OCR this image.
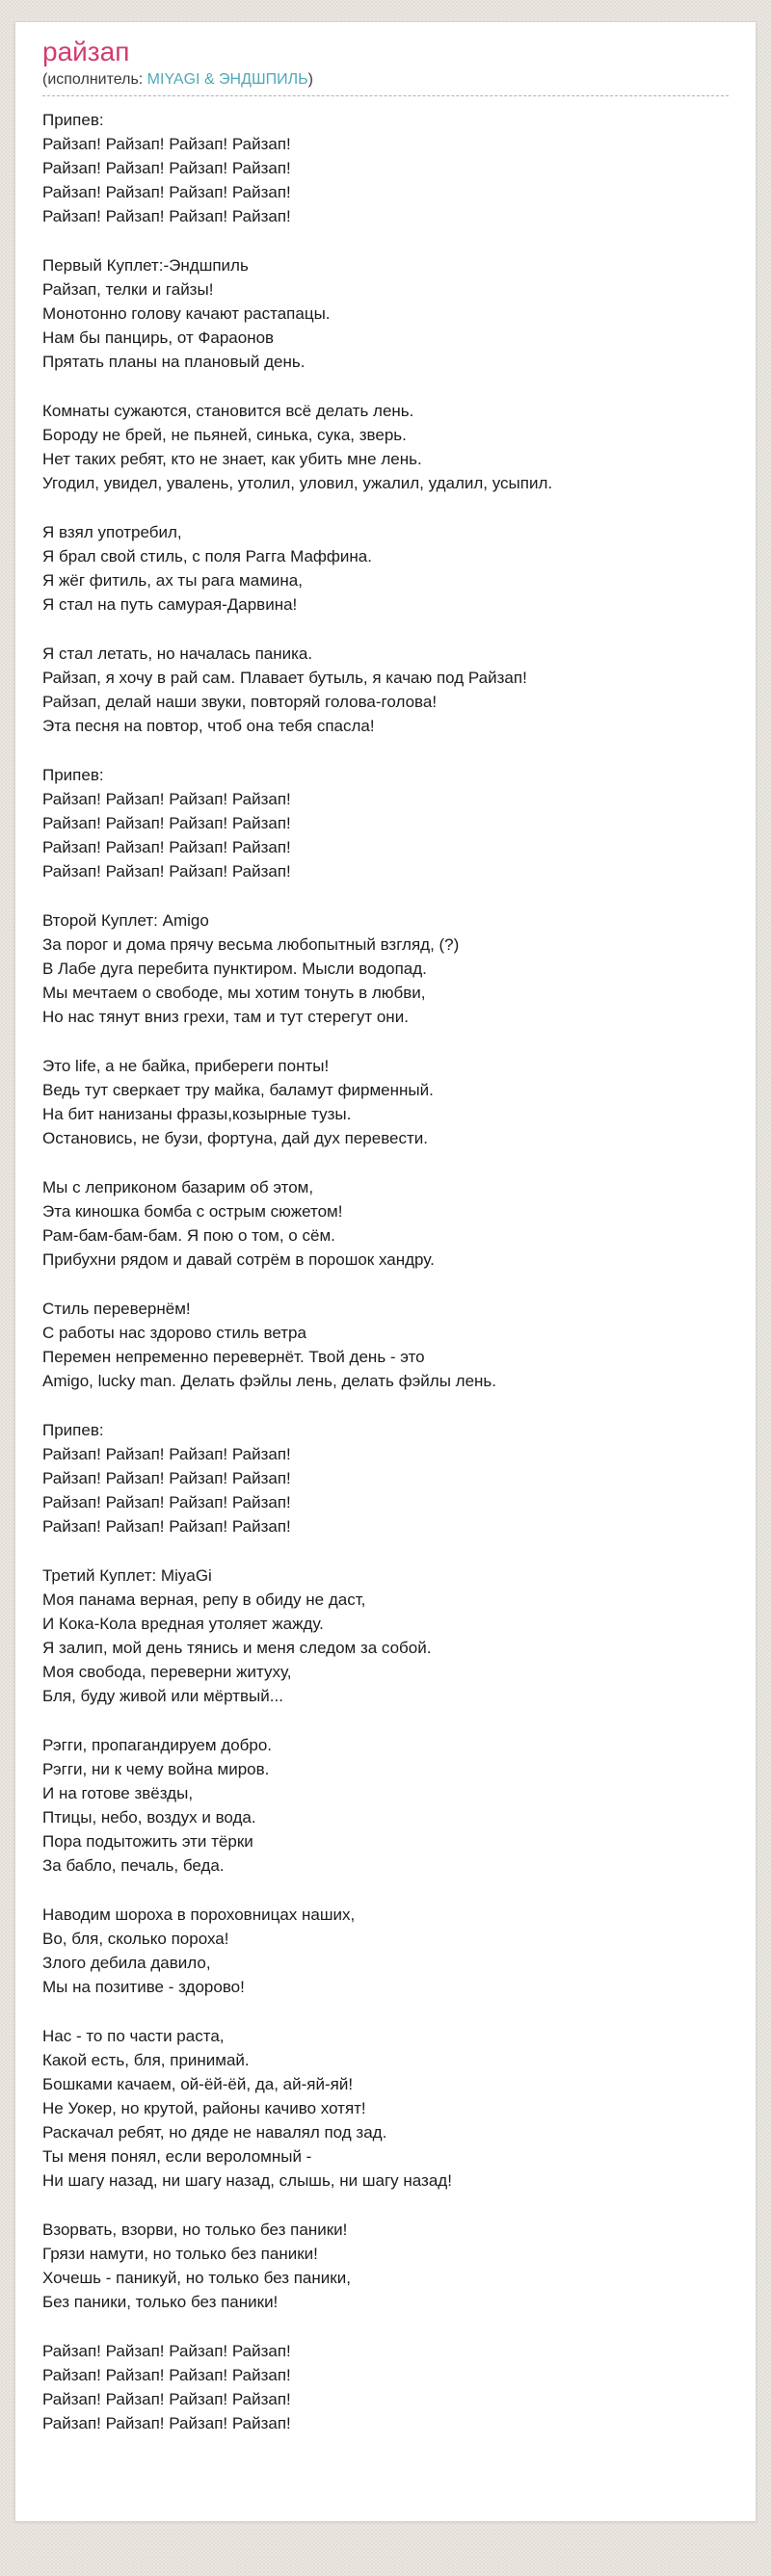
райзап
(исполнитель: MIYAGI & ЭНДШПИЛЬ)

Припев:
Райзап! Райзап! Райзап! Райзап!
Райзап! Райзап! Райзап! Райзап!
Райзап! Райзап! Райзап! Райзап!
Райзап! Райзап! Райзап! Райзап!

Первый Куплет:-Эндшпиль
Райзап, телки и гайзы!
Монотонно голову качают растапацы.
Нам бы панцирь, от Фараонов
Прятать планы на плановый день.

Комнаты сужаются, становится всё делать лень.
Бороду не брей, не пьяней, синька, сука, зверь.
Нет таких ребят, кто не знает, как убить мне лень.
Угодил, увидел, увалень, утолил, уловил, ужалил, удалил, усыпил.

Я взял употребил,
Я брал свой стиль, с поля Рагга Маффина.
Я жёг фитиль, ах ты рага мамина,
Я стал на путь самурая-Дарвина!

Я стал летать, но началась паника.
Райзап, я хочу в рай сам. Плавает бутыль, я качаю под Райзап!
Райзап, делай наши звуки, повторяй голова-голова!
Эта песня на повтор, чтоб она тебя спасла!

Припев:
Райзап! Райзап! Райзап! Райзап!
Райзап! Райзап! Райзап! Райзап!
Райзап! Райзап! Райзап! Райзап!
Райзап! Райзап! Райзап! Райзап!

Второй Куплет: Amigo
За порог и дома прячу весьма любопытный взгляд, (?)
В Лабе дуга перебита пунктиром. Мысли водопад.
Мы мечтаем о свободе, мы хотим тонуть в любви,
Но нас тянут вниз грехи, там и тут стерегут они.

Это life, а не байка, прибереги понты!
Ведь тут сверкает тру майка, баламут фирменный.
На бит нанизаны фразы,козырные тузы.
Остановись, не бузи, фортуна, дай дух перевести.

Мы с леприконом базарим об этом,
Эта киношка бомба с острым сюжетом!
Рам-бам-бам-бам. Я пою о том, о сём.
Прибухни рядом и давай сотрём в порошок хандру.

Стиль перевернём!
С работы нас здорово стиль ветра
Перемен непременно перевернёт. Твой день - это
Amigo, lucky man. Делать фэйлы лень, делать фэйлы лень.

Припев:
Райзап! Райзап! Райзап! Райзап!
Райзап! Райзап! Райзап! Райзап!
Райзап! Райзап! Райзап! Райзап!
Райзап! Райзап! Райзап! Райзап!

Третий Куплет: MiyaGi
Моя панама верная, репу в обиду не даст,
И Кока-Кола вредная утоляет жажду.
Я залип, мой день тянись и меня следом за собой.
Моя свобода, переверни житуху,
Бля, буду живой или мёртвый...

Рэгги, пропагандируем добро.
Рэгги, ни к чему война миров.
И на готове звёзды,
Птицы, небо, воздух и вода.
Пора подытожить эти тёрки
За бабло, печаль, беда.

Наводим шороха в пороховницах наших,
Во, бля, сколько пороха!
Злого дебила давило,
Мы на позитиве - здорово!

Нас - то по части раста,
Какой есть, бля, принимай.
Бошками качаем, ой-ёй-ёй, да, ай-яй-яй!
Не Уокер, но крутой, районы качиво хотят!
Раскачал ребят, но дяде не навалял под зад.
Ты меня понял, если вероломный -
Ни шагу назад, ни шагу назад, слышь, ни шагу назад!

Взорвать, взорви, но только без паники!
Грязи намути, но только без паники!
Хочешь - паникуй, но только без паники,
Без паники, только без паники!

Райзап! Райзап! Райзап! Райзап!
Райзап! Райзап! Райзап! Райзап!
Райзап! Райзап! Райзап! Райзап!
Райзап! Райзап! Райзап! Райзап!
